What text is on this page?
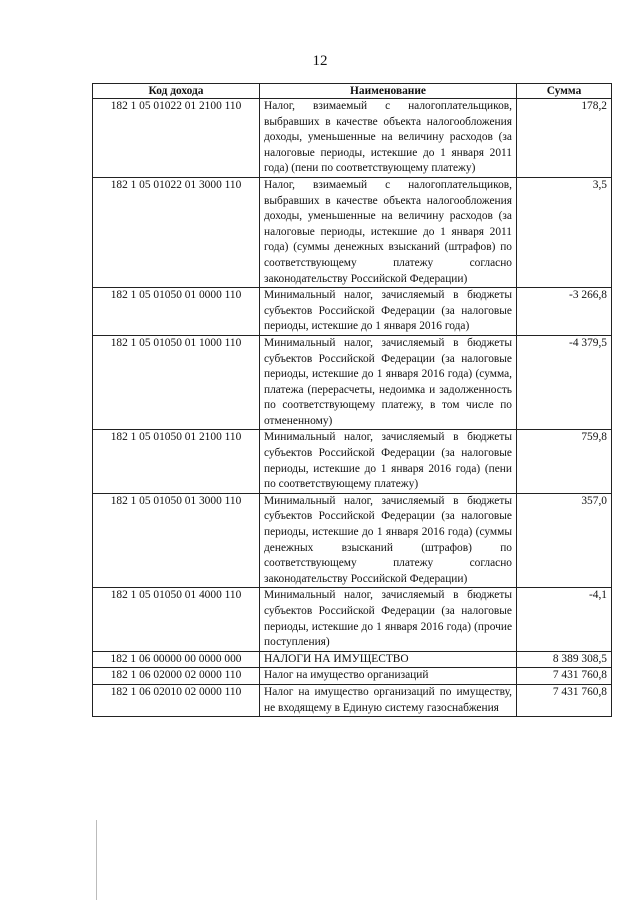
12
Код дохода	Наименование	Сумма
182 1 05 01022 01 2100 110	Налог, взимаемый с налогоплательщиков, выбравших в качестве объекта налогообложения доходы, уменьшенные на величину расходов (за налоговые периоды, истекшие до 1 января 2011 года) (пени по соответствующему платежу)	178,2
182 1 05 01022 01 3000 110	Налог, взимаемый с налогоплательщиков, выбравших в качестве объекта налогообложения доходы, уменьшенные на величину расходов (за налоговые периоды, истекшие до 1 января 2011 года) (суммы денежных взысканий (штрафов) по соответствующему платежу согласно законодательству Российской Федерации)	3,5
182 1 05 01050 01 0000 110	Минимальный налог, зачисляемый в бюджеты субъектов Российской Федерации (за налоговые периоды, истекшие до 1 января 2016 года)	-3 266,8
182 1 05 01050 01 1000 110	Минимальный налог, зачисляемый в бюджеты субъектов Российской Федерации (за налоговые периоды, истекшие до 1 января 2016 года) (сумма, платежа (перерасчеты, недоимка и задолженность по соответствующему платежу, в том числе по отмененному)	-4 379,5
182 1 05 01050 01 2100 110	Минимальный налог, зачисляемый в бюджеты субъектов Российской Федерации (за налоговые периоды, истекшие до 1 января 2016 года) (пени по соответствующему платежу)	759,8
182 1 05 01050 01 3000 110	Минимальный налог, зачисляемый в бюджеты субъектов Российской Федерации (за налоговые периоды, истекшие до 1 января 2016 года) (суммы денежных взысканий (штрафов) по соответствующему платежу согласно законодательству Российской Федерации)	357,0
182 1 05 01050 01 4000 110	Минимальный налог, зачисляемый в бюджеты субъектов Российской Федерации (за налоговые периоды, истекшие до 1 января 2016 года) (прочие поступления)	-4,1
182 1 06 00000 00 0000 000	НАЛОГИ НА ИМУЩЕСТВО	8 389 308,5
182 1 06 02000 02 0000 110	Налог на имущество организаций	7 431 760,8
182 1 06 02010 02 0000 110	Налог на имущество организаций по имуществу, не входящему в Единую систему газоснабжения	7 431 760,8
